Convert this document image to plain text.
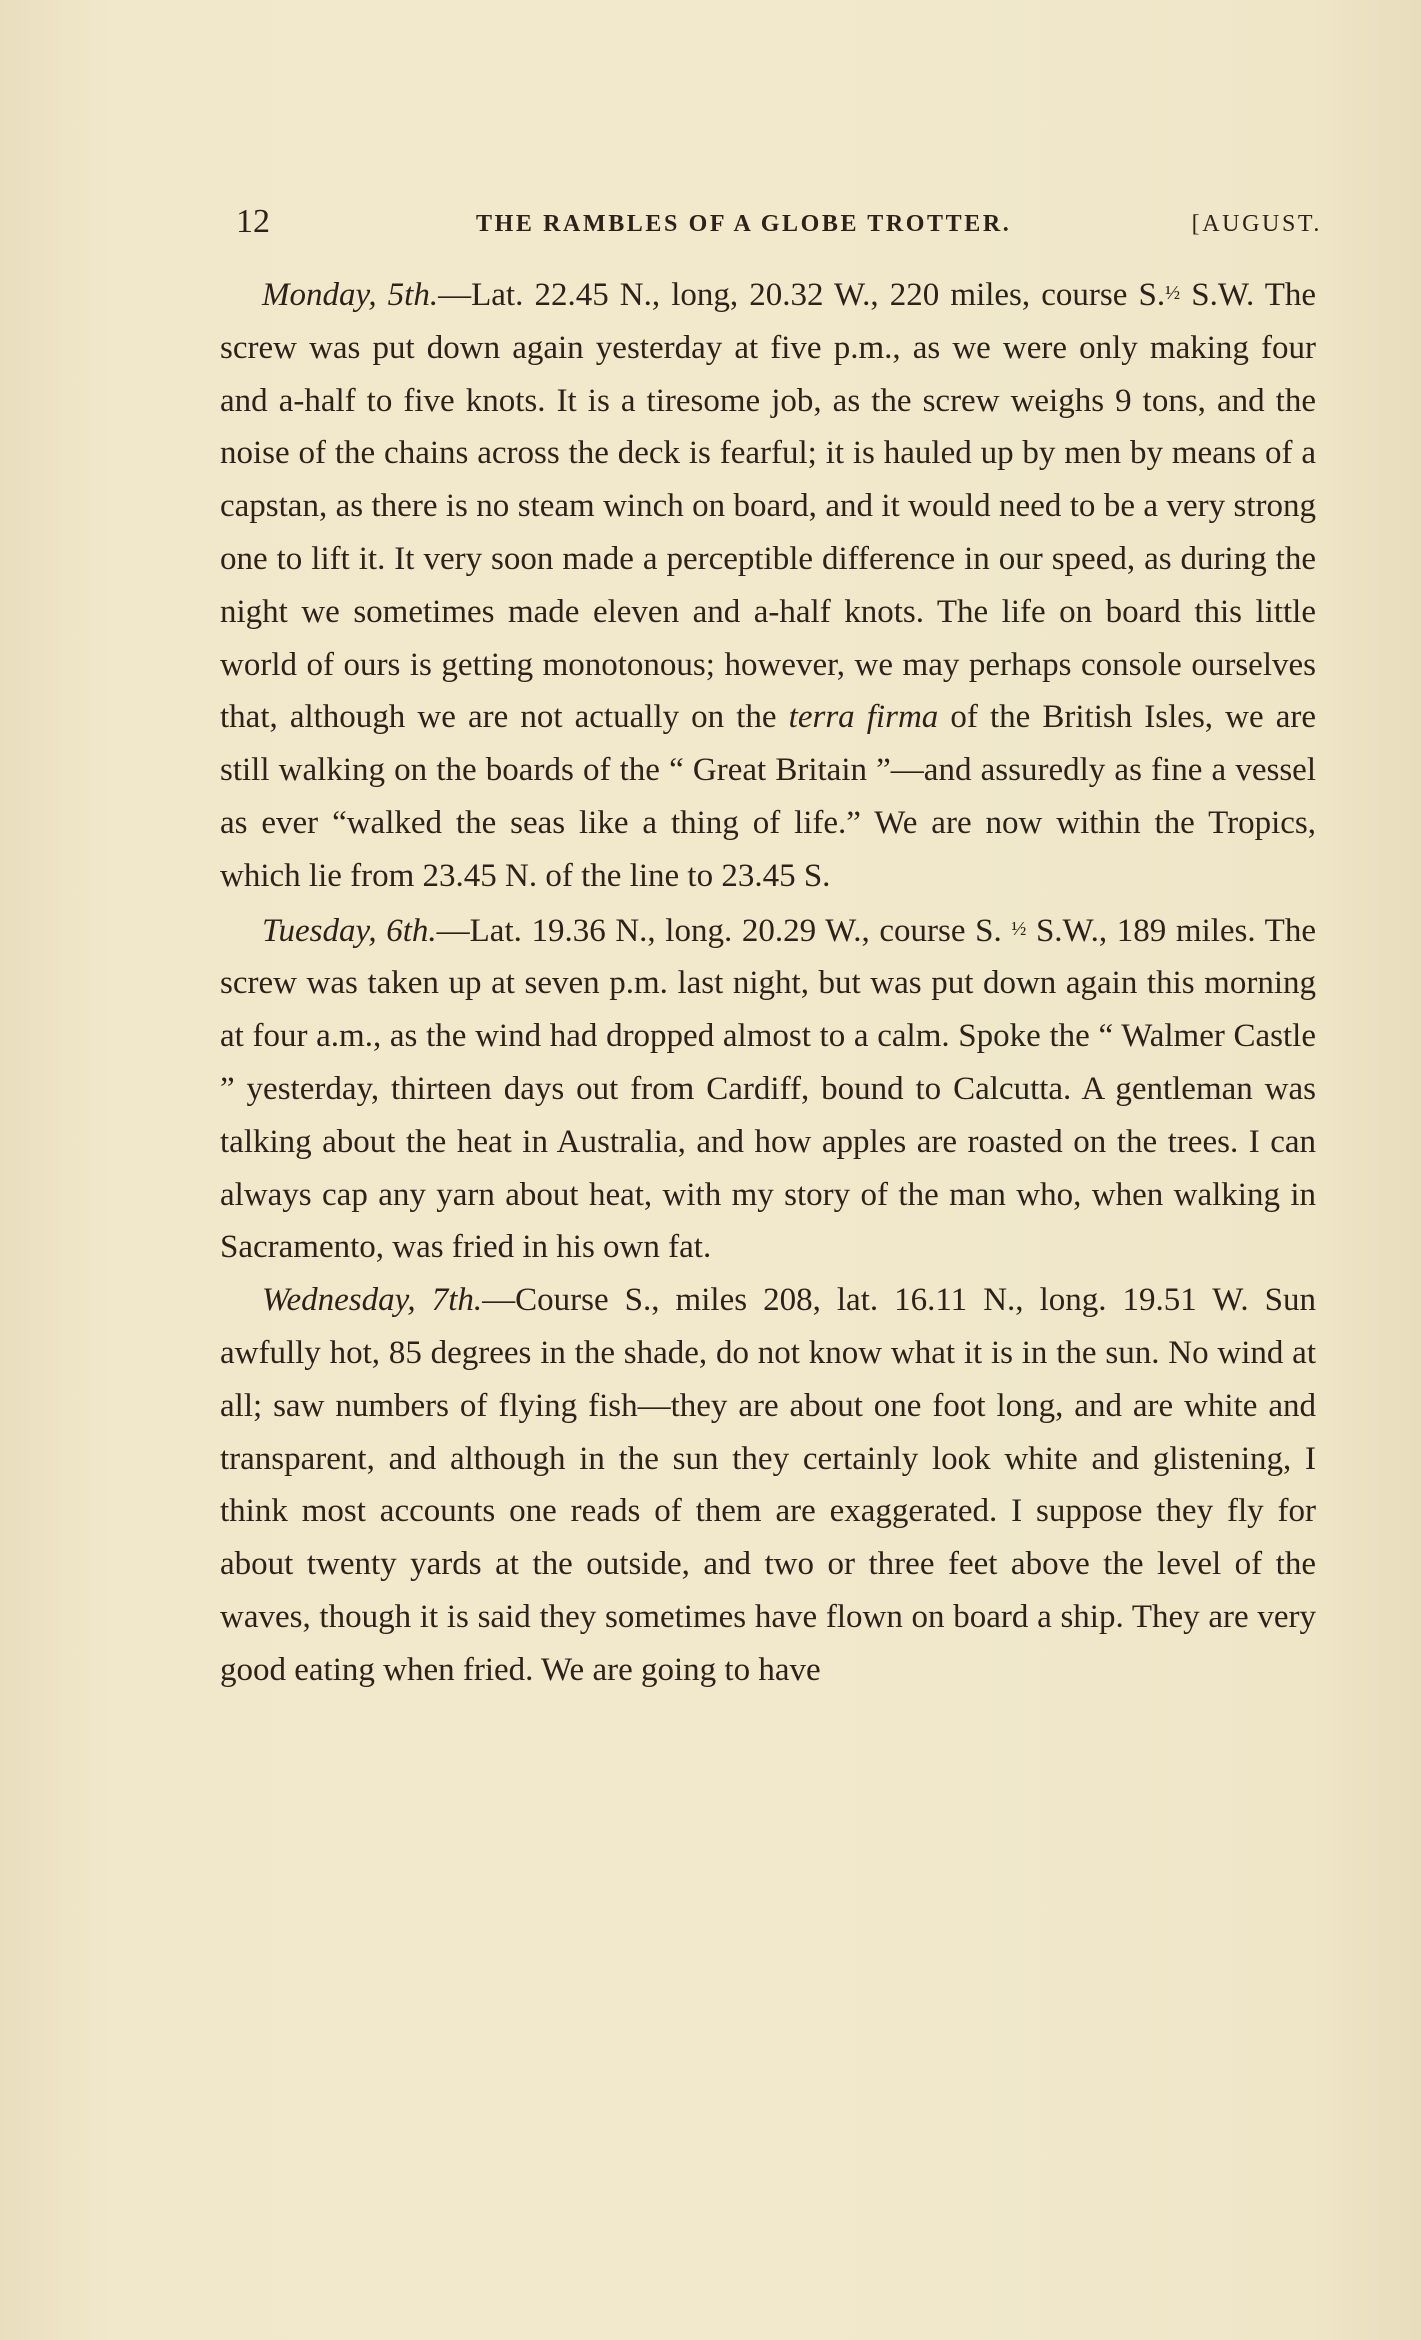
12	THE RAMBLES OF A GLOBE TROTTER.	[AUGUST.

Monday, 5th.—Lat. 22.45 N., long, 20.32 W., 220 miles, course S.½ S.W. The screw was put down again yesterday at five p.m., as we were only making four and a-half to five knots. It is a tiresome job, as the screw weighs 9 tons, and the noise of the chains across the deck is fearful; it is hauled up by men by means of a capstan, as there is no steam winch on board, and it would need to be a very strong one to lift it. It very soon made a perceptible difference in our speed, as during the night we sometimes made eleven and a-half knots. The life on board this little world of ours is getting monotonous; however, we may perhaps console ourselves that, although we are not actually on the terra firma of the British Isles, we are still walking on the boards of the “ Great Britain ”—and assuredly as fine a vessel as ever “walked the seas like a thing of life.” We are now within the Tropics, which lie from 23.45 N. of the line to 23.45 S.

Tuesday, 6th.—Lat. 19.36 N., long. 20.29 W., course S. ½ S.W., 189 miles. The screw was taken up at seven p.m. last night, but was put down again this morning at four a.m., as the wind had dropped almost to a calm. Spoke the “ Walmer Castle ” yesterday, thirteen days out from Cardiff, bound to Calcutta. A gentleman was talking about the heat in Australia, and how apples are roasted on the trees. I can always cap any yarn about heat, with my story of the man who, when walking in Sacramento, was fried in his own fat.

Wednesday, 7th.—Course S., miles 208, lat. 16.11 N., long. 19.51 W. Sun awfully hot, 85 degrees in the shade, do not know what it is in the sun. No wind at all; saw numbers of flying fish—they are about one foot long, and are white and transparent, and although in the sun they certainly look white and glistening, I think most accounts one reads of them are exaggerated. I suppose they fly for about twenty yards at the outside, and two or three feet above the level of the waves, though it is said they sometimes have flown on board a ship. They are very good eating when fried. We are going to have
